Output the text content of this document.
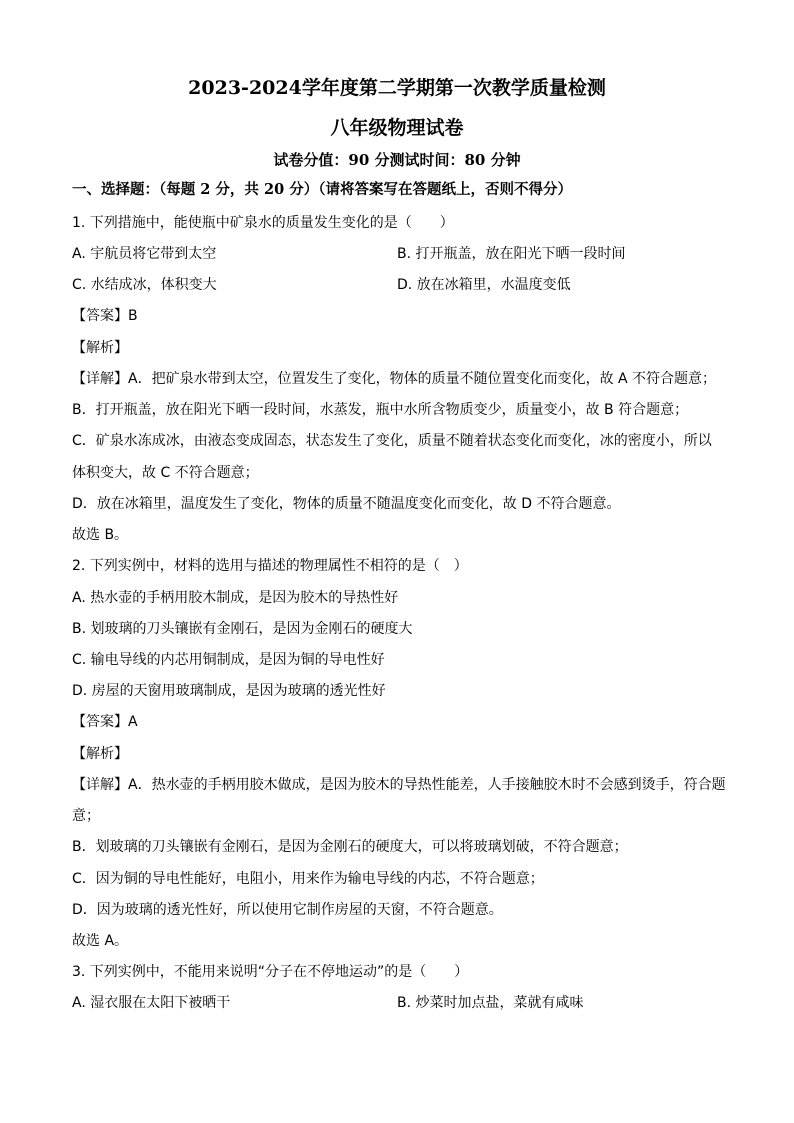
2023-2024学年度第二学期第一次教学质量检测
八年级物理试卷
试卷分值：90 分测试时间：80 分钟
一、选择题：（每题 2 分，共 20 分）（请将答案写在答题纸上，否则不得分）
1. 下列措施中，能使瓶中矿泉水的质量发生变化的是（　　）
A. 宇航员将它带到太空	B. 打开瓶盖，放在阳光下晒一段时间
C. 水结成冰，体积变大	D. 放在冰箱里，水温度变低
【答案】B
【解析】
【详解】A．把矿泉水带到太空，位置发生了变化，物体的质量不随位置变化而变化，故 A 不符合题意；
B．打开瓶盖，放在阳光下晒一段时间，水蒸发，瓶中水所含物质变少，质量变小，故 B 符合题意；
C．矿泉水冻成冰，由液态变成固态，状态发生了变化，质量不随着状态变化而变化，冰的密度小，所以
体积变大，故 C 不符合题意；
D．放在冰箱里，温度发生了变化，物体的质量不随温度变化而变化，故 D 不符合题意。
故选 B。
2. 下列实例中，材料的选用与描述的物理属性不相符的是（　）
A. 热水壶的手柄用胶木制成，是因为胶木的导热性好
B. 划玻璃的刀头镶嵌有金刚石，是因为金刚石的硬度大
C. 输电导线的内芯用铜制成，是因为铜的导电性好
D. 房屋的天窗用玻璃制成，是因为玻璃的透光性好
【答案】A
【解析】
【详解】A．热水壶的手柄用胶木做成，是因为胶木的导热性能差，人手接触胶木时不会感到烫手，符合题
意；
B．划玻璃的刀头镶嵌有金刚石，是因为金刚石的硬度大，可以将玻璃划破，不符合题意；
C．因为铜的导电性能好，电阻小，用来作为输电导线的内芯，不符合题意；
D．因为玻璃的透光性好，所以使用它制作房屋的天窗，不符合题意。
故选 A。
3. 下列实例中，不能用来说明“分子在不停地运动”的是（　　）
A. 湿衣服在太阳下被晒干	B. 炒菜时加点盐，菜就有咸味
